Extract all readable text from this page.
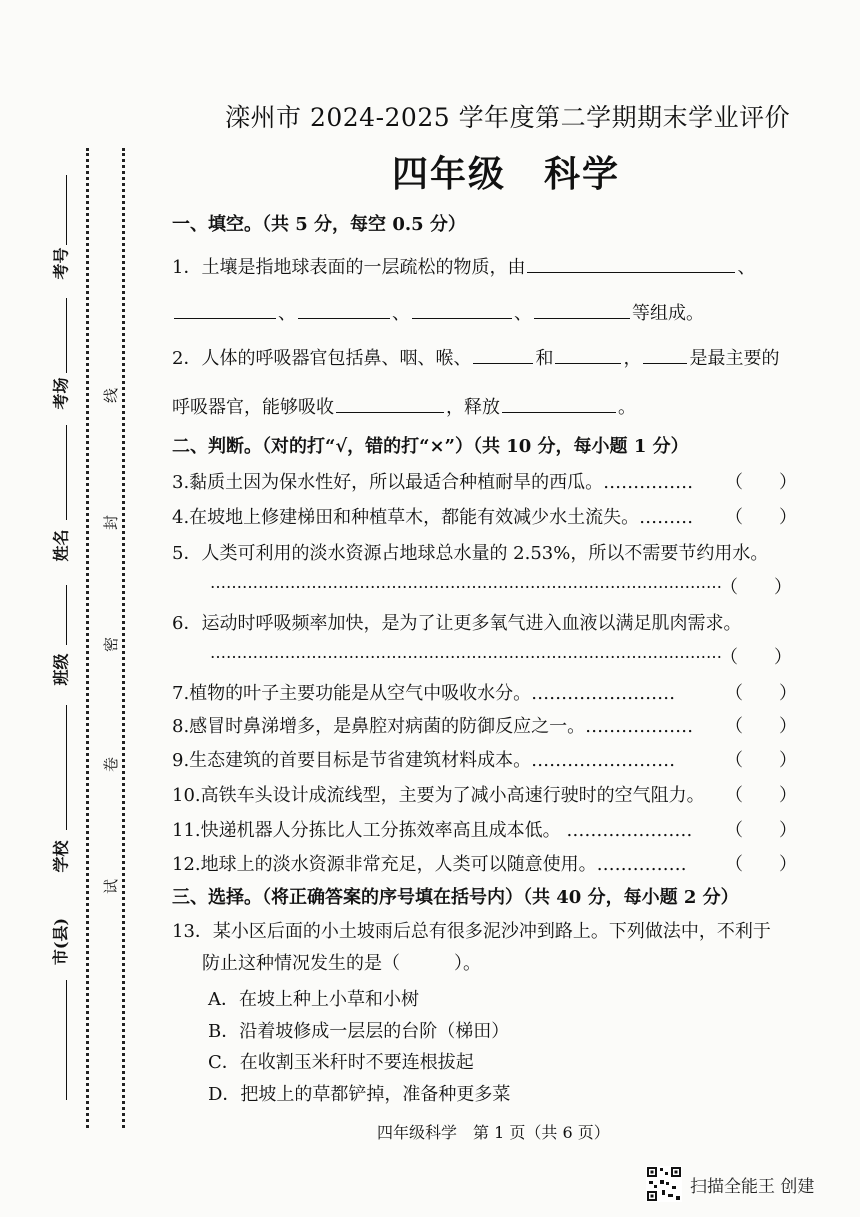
考号
考场
姓名
班级
学校
市(县)
线
封
密
卷
试
滦州市 2024-2025 学年度第二学期期末学业评价
四年级　科学
一、填空。（共 5 分，每空 0.5 分）
1．土壤是指地球表面的一层疏松的物质，由	、
、	、	、	等组成。
2．人体的呼吸器官包括鼻、咽、喉、	和	，	是最主要的
呼吸器官，能够吸收	，释放	。
二、判断。（对的打“√，错的打“×”）（共 10 分，每小题 1 分）
3.黏质土因为保水性好，所以最适合种植耐旱的西瓜。…………… （　　 ）
4.在坡地上修建梯田和种植草木，都能有效减少水土流失。……… （　　 ）
5．人类可利用的淡水资源占地球总水量的 2.53%，所以不需要节约用水。
……………………………………………………………………………………
（　　 ）
6．运动时呼吸频率加快，是为了让更多氧气进入血液以满足肌肉需求。
……………………………………………………………………………………
（　　 ）
7.植物的叶子主要功能是从空气中吸收水分。……………………	（　　 ）
8.感冒时鼻涕增多，是鼻腔对病菌的防御反应之一。……………… （　　 ）
9.生态建筑的首要目标是节省建筑材料成本。……………………	（　　 ）
10.高铁车头设计成流线型，主要为了减小高速行驶时的空气阻力。 （　　 ）
11.快递机器人分拣比人工分拣效率高且成本低。 ………………… （　　 ）
12.地球上的淡水资源非常充足，人类可以随意使用。…………… （　　 ）
三、选择。（将正确答案的序号填在括号内）（共 40 分，每小题 2 分）
13．某小区后面的小土坡雨后总有很多泥沙冲到路上。下列做法中，不利于
防止这种情况发生的是（　　　）。
A．在坡上种上小草和小树
B．沿着坡修成一层层的台阶（梯田）
C．在收割玉米秆时不要连根拔起
D．把坡上的草都铲掉，准备种更多菜
四年级科学　第 1 页（共 6 页）
扫描全能王 创建
